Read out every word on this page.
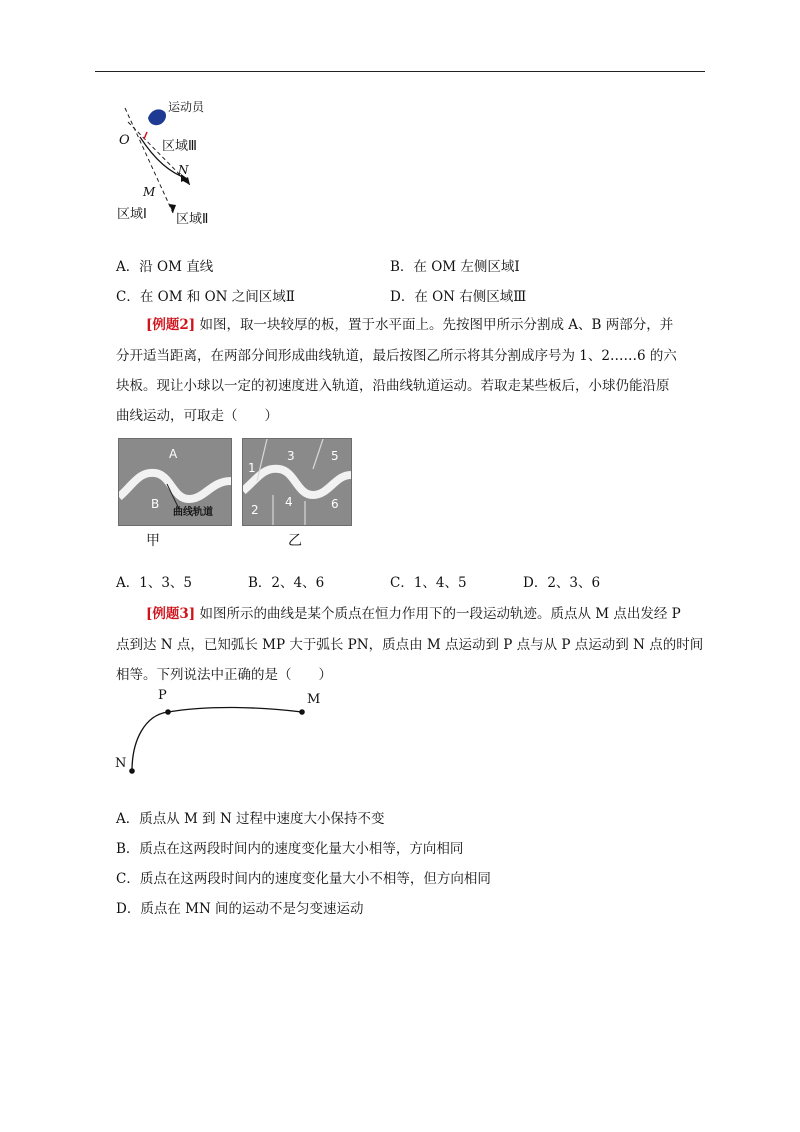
运动员
O 区域Ⅲ
N
M
区域Ⅰ 区域Ⅱ
A．沿 OM 直线	B．在 OM 左侧区域Ⅰ
C．在 OM 和 ON 之间区域Ⅱ	D．在 ON 右侧区域Ⅲ
[例题2] 如图，取一块较厚的板，置于水平面上。先按图甲所示分割成 A、B 两部分，并
分开适当距离，在两部分间形成曲线轨道，最后按图乙所示将其分割成序号为 1、2……6 的六
块板。现让小球以一定的初速度进入轨道，沿曲线轨道运动。若取走某些板后，小球仍能沿原
曲线运动，可取走（　　）
A
B
曲线轨道
甲
1
2
3
4
5
6
乙
A．1、3、5	B．2、4、6	C．1、4、5	D．2、3、6
[例题3] 如图所示的曲线是某个质点在恒力作用下的一段运动轨迹。质点从 M 点出发经 P
点到达 N 点，已知弧长 MP 大于弧长 PN，质点由 M 点运动到 P 点与从 P 点运动到 N 点的时间
相等。下列说法中正确的是（　　）
P	M
N
A．质点从 M 到 N 过程中速度大小保持不变
B．质点在这两段时间内的速度变化量大小相等，方向相同
C．质点在这两段时间内的速度变化量大小不相等，但方向相同
D．质点在 MN 间的运动不是匀变速运动
